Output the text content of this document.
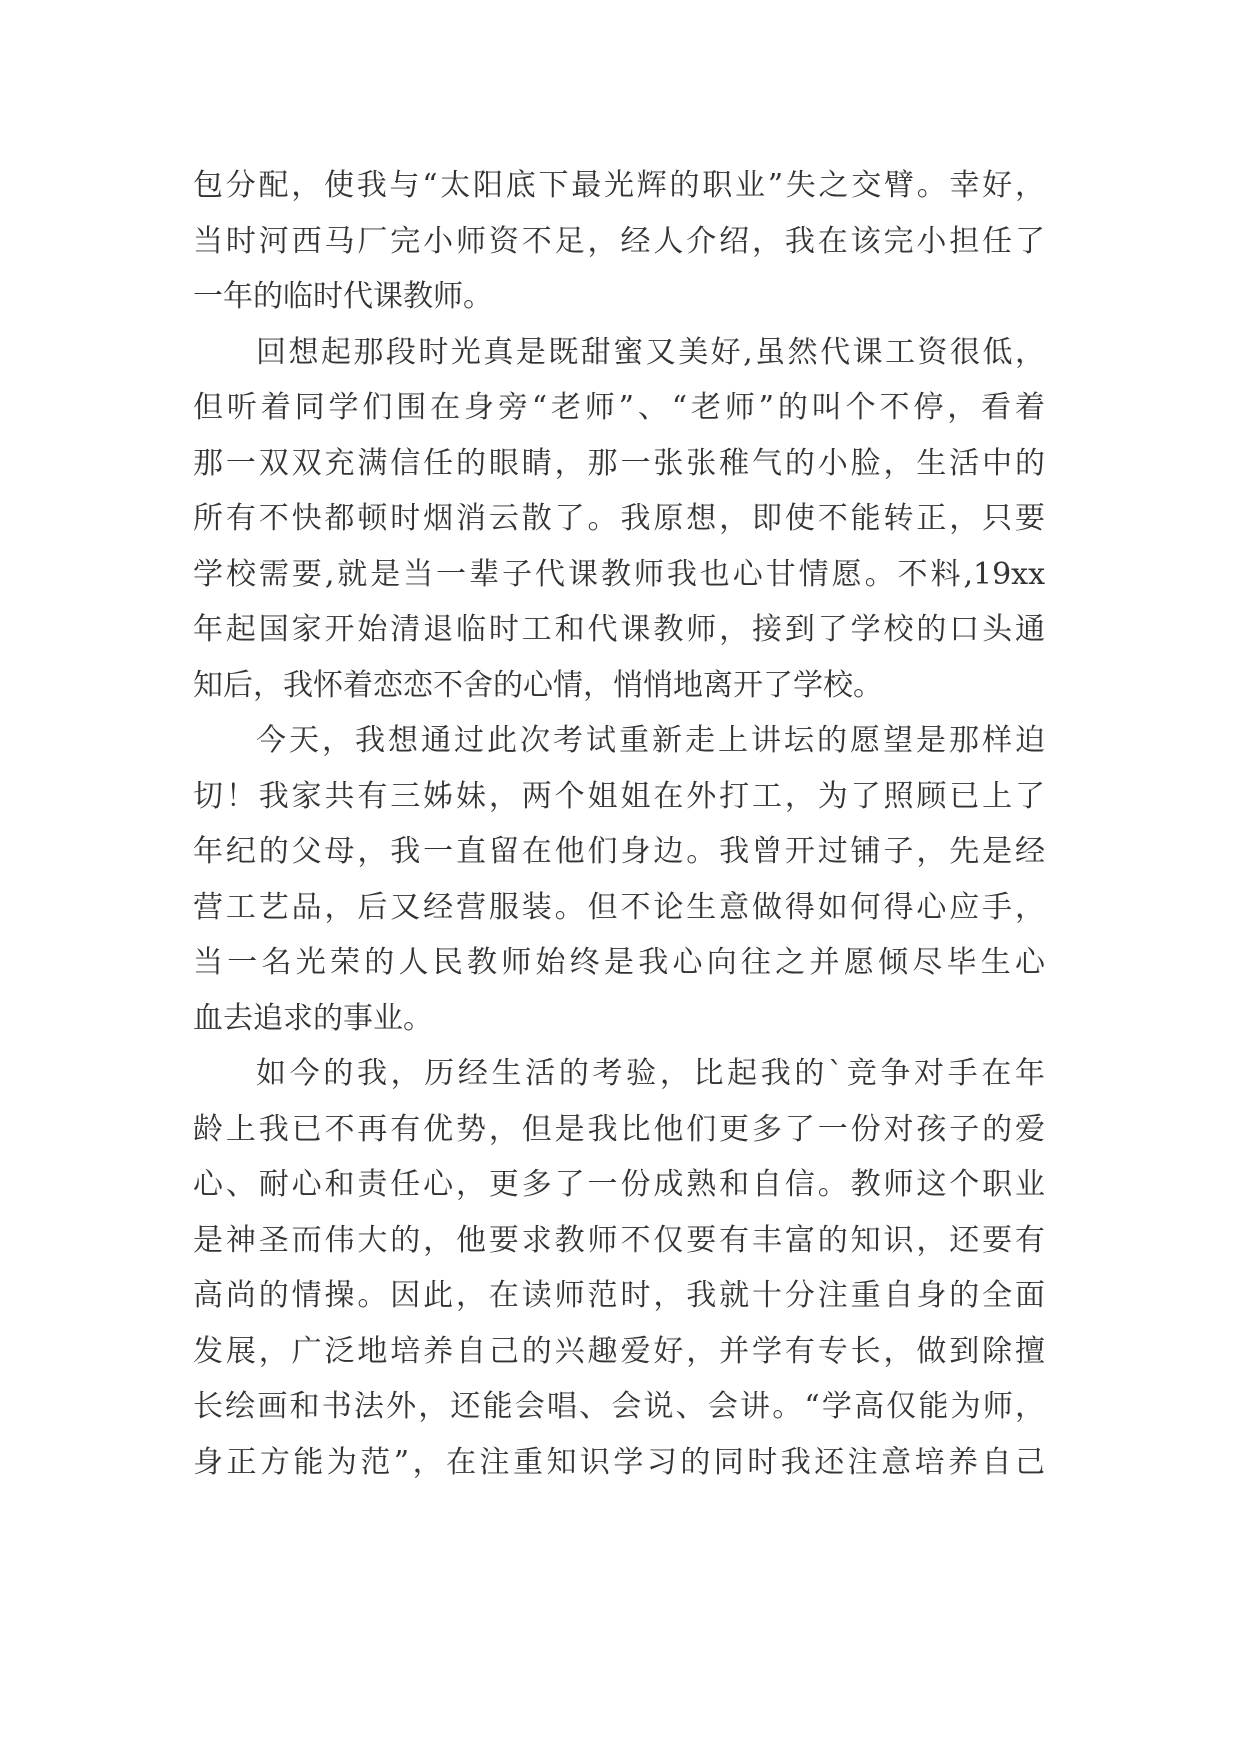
包分配，使我与“太阳底下最光辉的职业”失之交臂。幸好，
当时河西马厂完小师资不足，经人介绍，我在该完小担任了
一年的临时代课教师。
回想起那段时光真是既甜蜜又美好,虽然代课工资很低，
但听着同学们围在身旁“老师”、“老师”的叫个不停，看着
那一双双充满信任的眼睛，那一张张稚气的小脸，生活中的
所有不快都顿时烟消云散了。我原想，即使不能转正，只要
学校需要,就是当一辈子代课教师我也心甘情愿。不料,19xx
年起国家开始清退临时工和代课教师，接到了学校的口头通
知后，我怀着恋恋不舍的心情，悄悄地离开了学校。
今天，我想通过此次考试重新走上讲坛的愿望是那样迫
切！我家共有三姊妹，两个姐姐在外打工，为了照顾已上了
年纪的父母，我一直留在他们身边。我曾开过铺子，先是经
营工艺品，后又经营服装。但不论生意做得如何得心应手，
当一名光荣的人民教师始终是我心向往之并愿倾尽毕生心
血去追求的事业。
如今的我，历经生活的考验，比起我的`竞争对手在年
龄上我已不再有优势，但是我比他们更多了一份对孩子的爱
心、耐心和责任心，更多了一份成熟和自信。教师这个职业
是神圣而伟大的，他要求教师不仅要有丰富的知识，还要有
高尚的情操。因此，在读师范时，我就十分注重自身的全面
发展，广泛地培养自己的兴趣爱好，并学有专长，做到除擅
长绘画和书法外，还能会唱、会说、会讲。“学高仅能为师，
身正方能为范”，在注重知识学习的同时我还注意培养自己
